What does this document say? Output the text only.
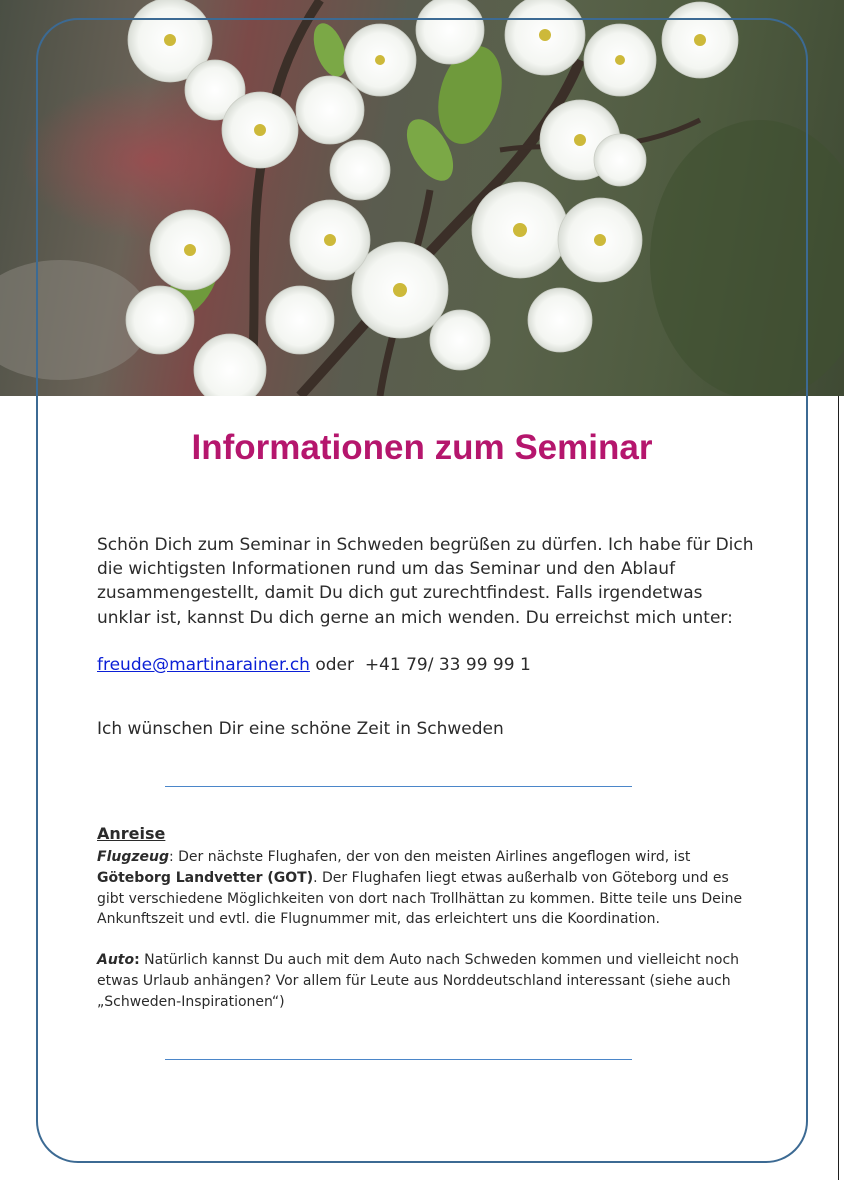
Informationen zum Seminar

Schön Dich zum Seminar in Schweden begrüßen zu dürfen. Ich habe für Dich die wichtigsten Informationen rund um das Seminar und den Ablauf zusammengestellt, damit Du dich gut zurechtfindest. Falls irgendetwas unklar ist, kannst Du dich gerne an mich wenden. Du erreichst mich unter:

freude@martinarainer.ch oder  +41 79/ 33 99 99 1

Ich wünschen Dir eine schöne Zeit in Schweden

Anreise

Flugzeug: Der nächste Flughafen, der von den meisten Airlines angeflogen wird, ist Göteborg Landvetter (GOT). Der Flughafen liegt etwas außerhalb von Göteborg und es gibt verschiedene Möglichkeiten von dort nach Trollhättan zu kommen. Bitte teile uns Deine Ankunftszeit und evtl. die Flugnummer mit, das erleichtert uns die Koordination.

Auto: Natürlich kannst Du auch mit dem Auto nach Schweden kommen und vielleicht noch etwas Urlaub anhängen? Vor allem für Leute aus Norddeutschland interessant (siehe auch „Schweden-Inspirationen“)
